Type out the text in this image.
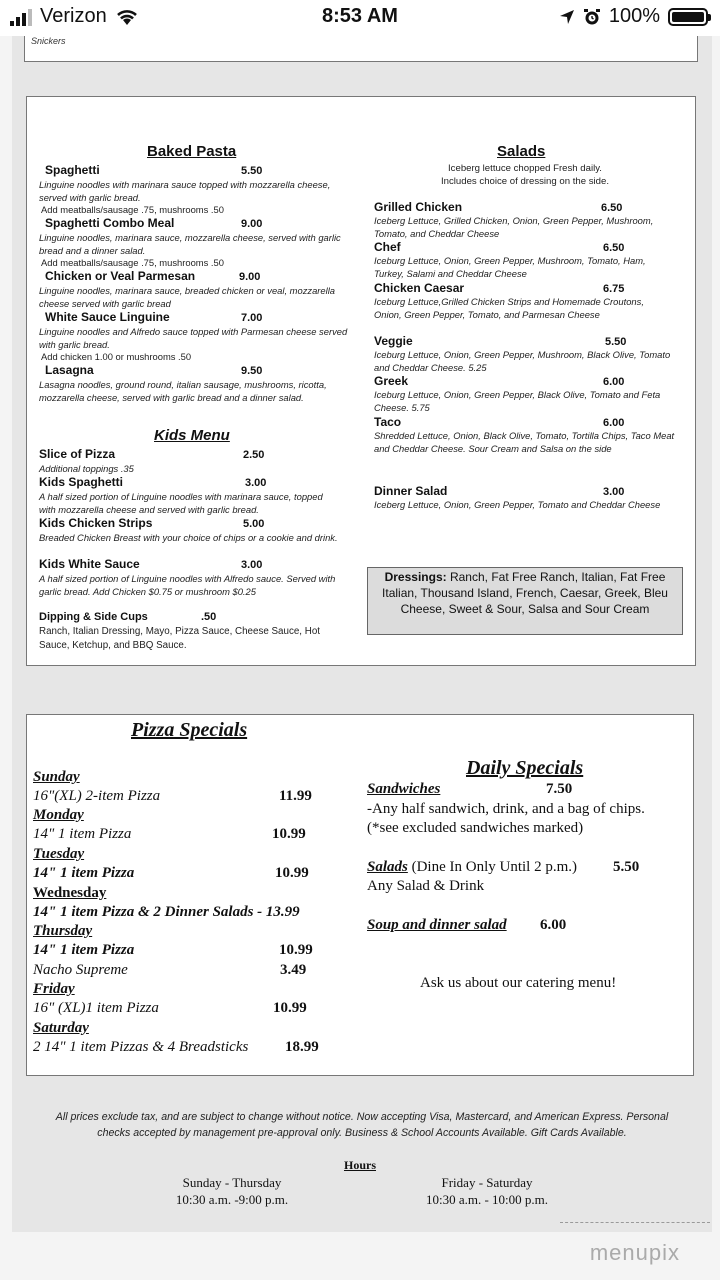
Verizon	8:53 AM	100%
Snickers
Baked Pasta
Spaghetti	5.50
Linguine noodles with marinara sauce topped with mozzarella cheese, served with garlic bread.
Add meatballs/sausage .75, mushrooms .50
Spaghetti Combo Meal	9.00
Linguine noodles, marinara sauce, mozzarella cheese, served with garlic bread and a dinner salad.
Add meatballs/sausage .75, mushrooms .50
Chicken or Veal Parmesan	9.00
Linguine noodles, marinara sauce, breaded chicken or veal, mozzarella cheese served with garlic bread
White Sauce Linguine	7.00
Linguine noodles and Alfredo sauce topped with Parmesan cheese served with garlic bread.
Add chicken 1.00 or mushrooms .50
Lasagna	9.50
Lasagna noodles, ground round, italian sausage, mushrooms, ricotta, mozzarella cheese, served with garlic bread and a dinner salad.
Kids Menu
Slice of Pizza	2.50
Additional toppings .35
Kids Spaghetti	3.00
A half sized portion of Linguine noodles with marinara sauce, topped with mozzarella cheese and served with garlic bread.
Kids Chicken Strips	5.00
Breaded Chicken Breast with your choice of chips or a cookie and drink.
Kids White Sauce	3.00
A half sized portion of Linguine noodles with Alfredo sauce. Served with garlic bread. Add Chicken $0.75 or mushroom $0.25
Dipping & Side Cups	.50
Ranch, Italian Dressing, Mayo, Pizza Sauce, Cheese Sauce, Hot Sauce, Ketchup, and BBQ Sauce.
Salads
Iceberg lettuce chopped Fresh daily.
Includes choice of dressing on the side.
Grilled Chicken	6.50
Iceberg Lettuce, Grilled Chicken, Onion, Green Pepper, Mushroom, Tomato, and Cheddar Cheese
Chef	6.50
Iceburg Lettuce, Onion, Green Pepper, Mushroom, Tomato, Ham, Turkey, Salami and Cheddar Cheese
Chicken Caesar	6.75
Iceburg Lettuce,Grilled Chicken Strips and Homemade Croutons, Onion, Green Pepper, Tomato, and Parmesan Cheese
Veggie	5.50
Iceburg Lettuce, Onion, Green Pepper, Mushroom, Black Olive, Tomato and Cheddar Cheese. 5.25
Greek	6.00
Iceburg Lettuce, Onion, Green Pepper, Black Olive, Tomato and Feta Cheese. 5.75
Taco	6.00
Shredded Lettuce, Onion, Black Olive, Tomato, Tortilla Chips, Taco Meat and Cheddar Cheese. Sour Cream and Salsa on the side
Dinner Salad	3.00
Iceberg Lettuce, Onion, Green Pepper, Tomato and Cheddar Cheese
Dressings: Ranch, Fat Free Ranch, Italian, Fat Free Italian, Thousand Island, French, Caesar, Greek, Bleu Cheese, Sweet & Sour, Salsa and Sour Cream
Pizza Specials
Sunday
16"(XL) 2-item Pizza	11.99
Monday
14" 1 item Pizza	10.99
Tuesday
14" 1 item Pizza	10.99
Wednesday
14" 1 item Pizza & 2 Dinner Salads - 13.99
Thursday
14" 1 item Pizza	10.99
Nacho Supreme	3.49
Friday
16" (XL)1 item Pizza	10.99
Saturday
2 14" 1 item Pizzas & 4 Breadsticks 18.99
Daily Specials
Sandwiches	7.50
-Any half sandwich, drink, and a bag of chips.
(*see excluded sandwiches marked)
Salads (Dine In Only Until 2 p.m.) 5.50
Any Salad & Drink
Soup and dinner salad 6.00
Ask us about our catering menu!
All prices exclude tax, and are subject to change without notice. Now accepting Visa, Mastercard, and American Express. Personal
checks accepted by management pre-approval only. Business & School Accounts Available. Gift Cards Available.
Hours
Sunday - Thursday
10:30 a.m. -9:00 p.m.
Friday - Saturday
10:30 a.m. - 10:00 p.m.
menupix
